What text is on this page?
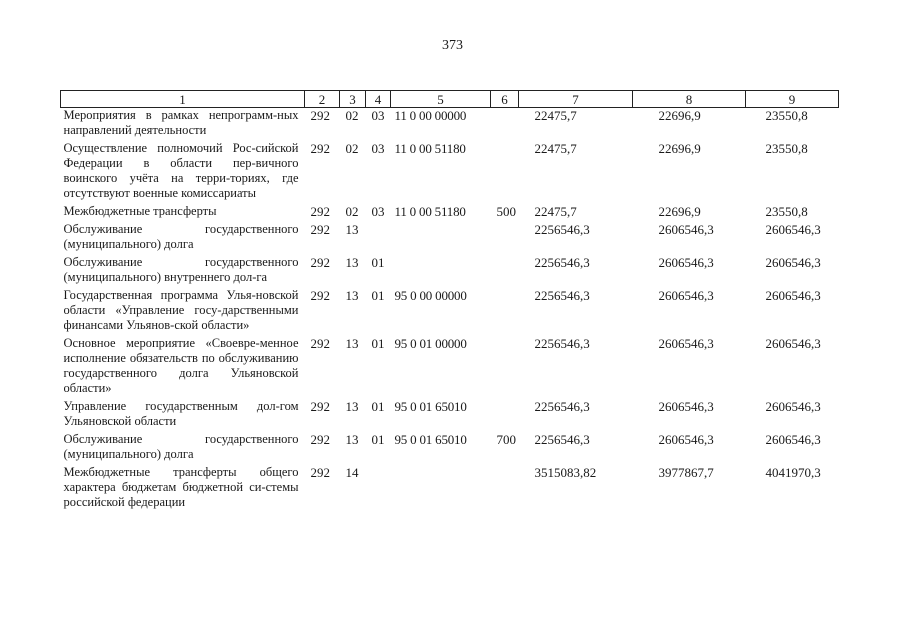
373
1	2	3	4	5	6	7	8	9
Мероприятия в рамках непрограмм-ных направлений деятельности	292	02	03	11 0 00 00000		22475,7	22696,9	23550,8
Осуществление полномочий Рос-сийской Федерации в области пер-вичного воинского учёта на терри-ториях, где отсутствуют военные комиссариаты	292	02	03	11 0 00 51180		22475,7	22696,9	23550,8
Межбюджетные трансферты	292	02	03	11 0 00 51180	500	22475,7	22696,9	23550,8
Обслуживание государственного (муниципального) долга	292	13				2256546,3	2606546,3	2606546,3
Обслуживание государственного (муниципального) внутреннего дол-га	292	13	01			2256546,3	2606546,3	2606546,3
Государственная программа Улья-новской области «Управление госу-дарственными финансами Ульянов-ской области»	292	13	01	95 0 00 00000		2256546,3	2606546,3	2606546,3
Основное мероприятие «Своевре-менное исполнение обязательств по обслуживанию государственного долга Ульяновской области»	292	13	01	95 0 01 00000		2256546,3	2606546,3	2606546,3
Управление государственным дол-гом Ульяновской области	292	13	01	95 0 01 65010		2256546,3	2606546,3	2606546,3
Обслуживание государственного (муниципального) долга	292	13	01	95 0 01 65010	700	2256546,3	2606546,3	2606546,3
Межбюджетные трансферты общего характера бюджетам бюджетной си-стемы российской федерации	292	14				3515083,82	3977867,7	4041970,3
